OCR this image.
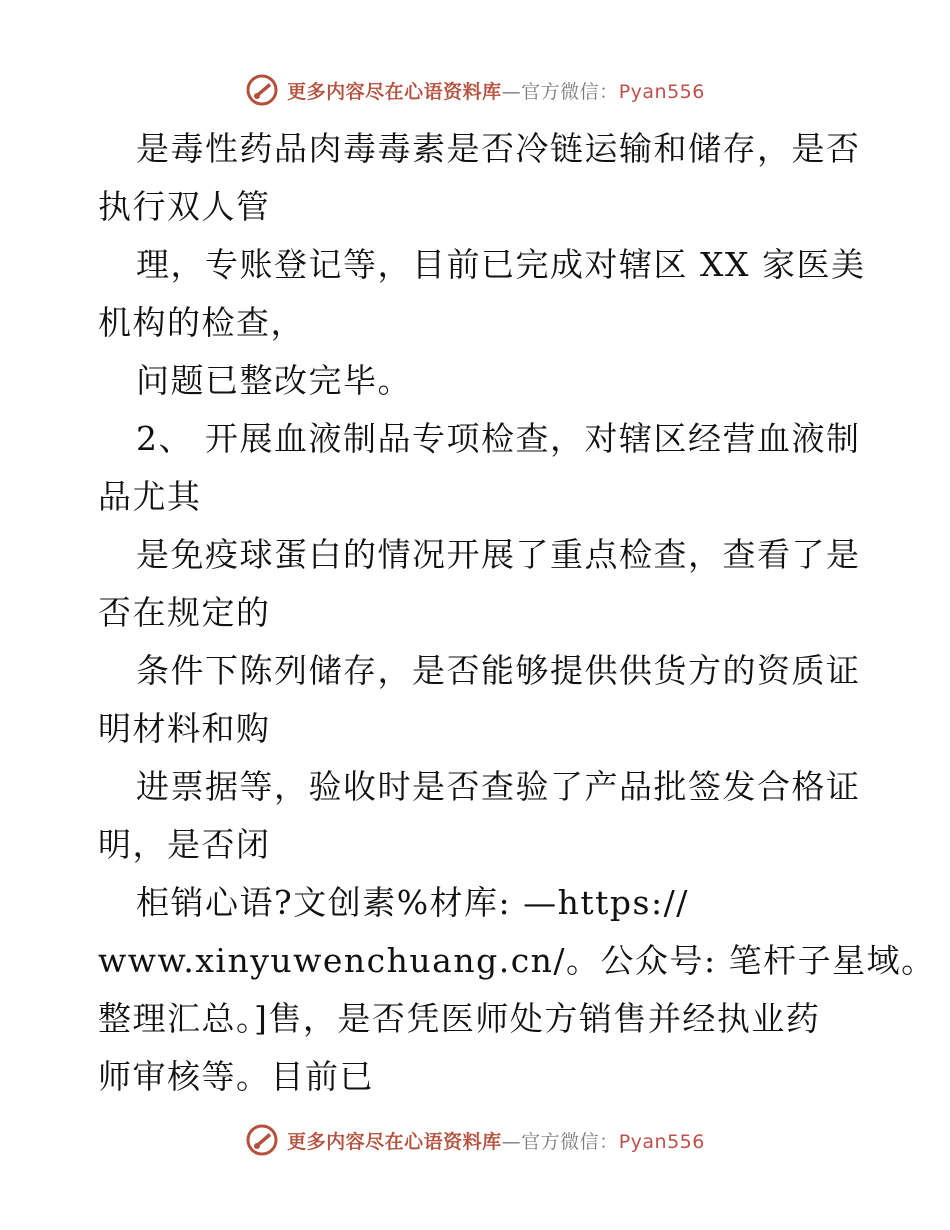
更多内容尽在心语资料库—官方微信：Pyan556
是毒性药品肉毒毒素是否冷链运输和储存，是否
执行双人管
理，专账登记等，目前已完成对辖区 XX 家医美
机构的检查，
问题已整改完毕。
2、 开展血液制品专项检查，对辖区经营血液制
品尤其
是免疫球蛋白的情况开展了重点检查，查看了是
否在规定的
条件下陈列储存，是否能够提供供货方的资质证
明材料和购
进票据等，验收时是否查验了产品批签发合格证
明，是否闭
柜销心语?文创素%材库: —https://
www.xinyuwenchuang.cn/。公众号: 笔杆子星域。
整理汇总。]售，是否凭医师处方销售并经执业药
师审核等。目前已
更多内容尽在心语资料库—官方微信：Pyan556
